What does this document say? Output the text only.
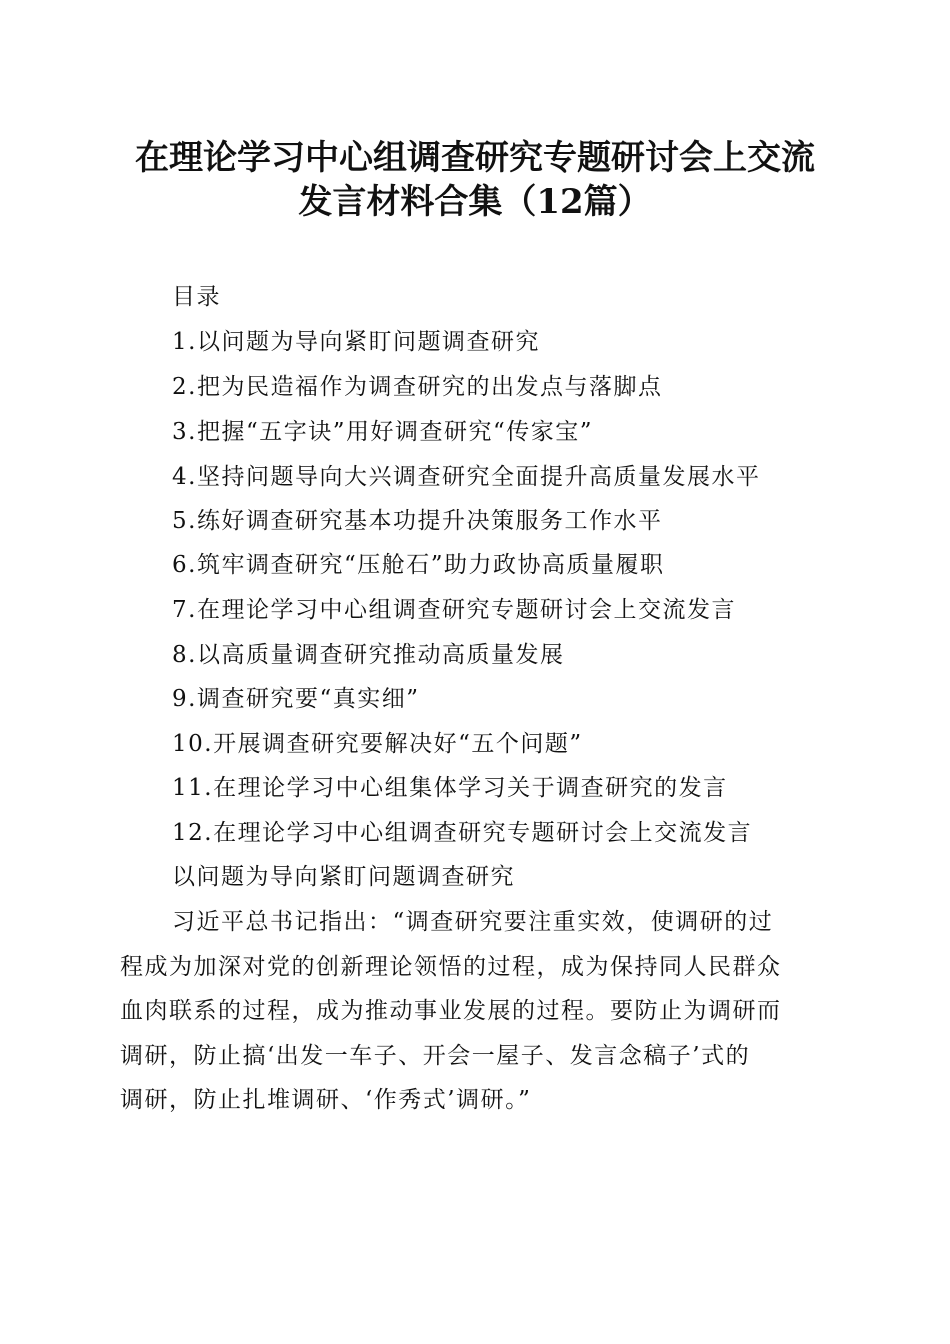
在理论学习中心组调查研究专题研讨会上交流
发言材料合集（12篇）
目录
1.以问题为导向紧盯问题调查研究
2.把为民造福作为调查研究的出发点与落脚点
3.把握“五字诀”用好调查研究“传家宝”
4.坚持问题导向大兴调查研究全面提升高质量发展水平
5.练好调查研究基本功提升决策服务工作水平
6.筑牢调查研究“压舱石”助力政协高质量履职
7.在理论学习中心组调查研究专题研讨会上交流发言
8.以高质量调查研究推动高质量发展
9.调查研究要“真实细”
10.开展调查研究要解决好“五个问题”
11.在理论学习中心组集体学习关于调查研究的发言
12.在理论学习中心组调查研究专题研讨会上交流发言
以问题为导向紧盯问题调查研究
习近平总书记指出：“调查研究要注重实效，使调研的过
程成为加深对党的创新理论领悟的过程，成为保持同人民群众
血肉联系的过程，成为推动事业发展的过程。要防止为调研而
调研，防止搞‘出发一车子、开会一屋子、发言念稿子’式的
调研，防止扎堆调研、‘作秀式’调研。”
